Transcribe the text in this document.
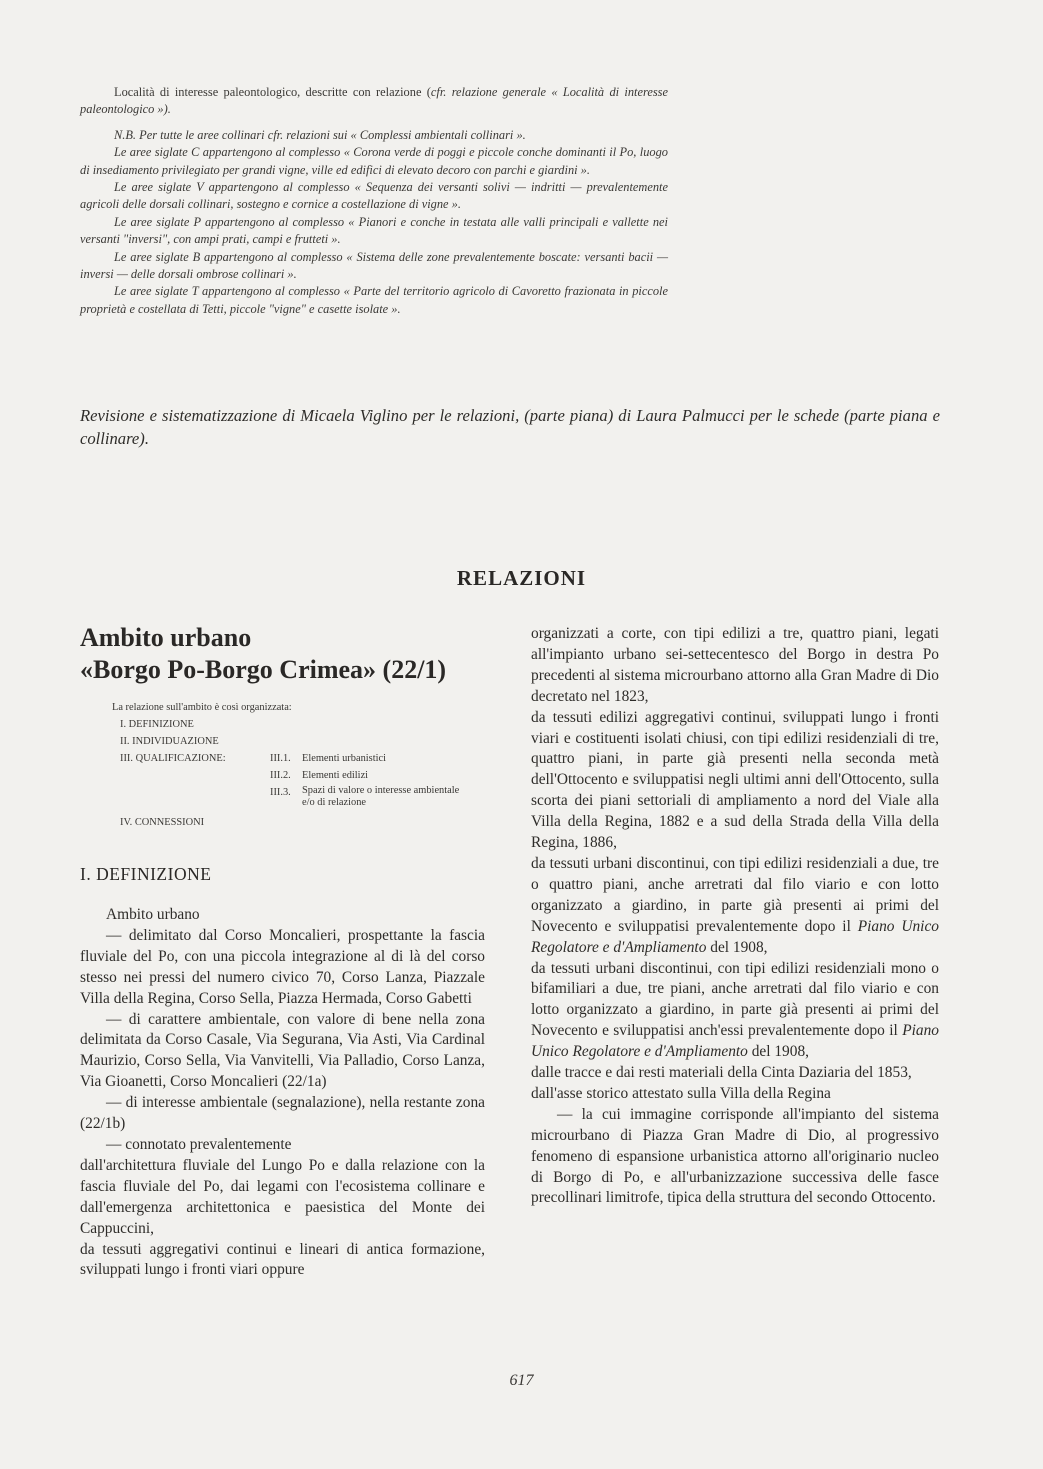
Località di interesse paleontologico, descritte con relazione (cfr. relazione generale « Località di interesse paleontologico »).

N.B. Per tutte le aree collinari cfr. relazioni sui « Complessi ambientali collinari ».

Le aree siglate C appartengono al complesso « Corona verde di poggi e piccole conche dominanti il Po, luogo di insediamento privilegiato per grandi vigne, ville ed edifici di elevato decoro con parchi e giardini ».

Le aree siglate V appartengono al complesso « Sequenza dei versanti solivi — indritti — prevalentemente agricoli delle dorsali collinari, sostegno e cornice a costellazione di vigne ».

Le aree siglate P appartengono al complesso « Pianori e conche in testata alle valli principali e vallette nei versanti "inversi", con ampi prati, campi e frutteti ».

Le aree siglate B appartengono al complesso « Sistema delle zone prevalentemente boscate: versanti bacii — inversi — delle dorsali ombrose collinari ».

Le aree siglate T appartengono al complesso « Parte del territorio agricolo di Cavoretto frazionata in piccole proprietà e costellata di Tetti, piccole "vigne" e casette isolate ».

Revisione e sistematizzazione di Micaela Viglino per le relazioni, (parte piana) di Laura Palmucci per le schede (parte piana e collinare).
RELAZIONI
Ambito urbano
«Borgo Po-Borgo Crimea» (22/1)
La relazione sull'ambito è così organizzata:
I. DEFINIZIONE
II. INDIVIDUAZIONE
III. QUALIFICAZIONE:	III.1. Elementi urbanistici
III.2. Elementi edilizi
III.3. Spazi di valore o interesse ambientale e/o di relazione
IV. CONNESSIONI
I. DEFINIZIONE

Ambito urbano

— delimitato dal Corso Moncalieri, prospettante la fascia fluviale del Po, con una piccola integrazione al di là del corso stesso nei pressi del numero civico 70, Corso Lanza, Piazzale Villa della Regina, Corso Sella, Piazza Hermada, Corso Gabetti

— di carattere ambientale, con valore di bene nella zona delimitata da Corso Casale, Via Segurana, Via Asti, Via Cardinal Maurizio, Corso Sella, Via Vanvitelli, Via Palladio, Corso Lanza, Via Gioanetti, Corso Moncalieri (22/1a)

— di interesse ambientale (segnalazione), nella restante zona (22/1b)

— connotato prevalentemente

dall'architettura fluviale del Lungo Po e dalla relazione con la fascia fluviale del Po, dai legami con l'ecosistema collinare e dall'emergenza architettonica e paesistica del Monte dei Cappuccini,

da tessuti aggregativi continui e lineari di antica formazione, sviluppati lungo i fronti viari oppure

organizzati a corte, con tipi edilizi a tre, quattro piani, legati all'impianto urbano sei-settecentesco del Borgo in destra Po precedenti al sistema microurbano attorno alla Gran Madre di Dio decretato nel 1823,

da tessuti edilizi aggregativi continui, sviluppati lungo i fronti viari e costituenti isolati chiusi, con tipi edilizi residenziali di tre, quattro piani, in parte già presenti nella seconda metà dell'Ottocento e sviluppatisi negli ultimi anni dell'Ottocento, sulla scorta dei piani settoriali di ampliamento a nord del Viale alla Villa della Regina, 1882 e a sud della Strada della Villa della Regina, 1886,

da tessuti urbani discontinui, con tipi edilizi residenziali a due, tre o quattro piani, anche arretrati dal filo viario e con lotto organizzato a giardino, in parte già presenti ai primi del Novecento e sviluppatisi prevalentemente dopo il Piano Unico Regolatore e d'Ampliamento del 1908,

da tessuti urbani discontinui, con tipi edilizi residenziali mono o bifamiliari a due, tre piani, anche arretrati dal filo viario e con lotto organizzato a giardino, in parte già presenti ai primi del Novecento e sviluppatisi anch'essi prevalentemente dopo il Piano Unico Regolatore e d'Ampliamento del 1908,

dalle tracce e dai resti materiali della Cinta Daziaria del 1853,

dall'asse storico attestato sulla Villa della Regina

— la cui immagine corrisponde all'impianto del sistema microurbano di Piazza Gran Madre di Dio, al progressivo fenomeno di espansione urbanistica attorno all'originario nucleo di Borgo di Po, e all'urbanizzazione successiva delle fasce precollinari limitrofe, tipica della struttura del secondo Ottocento.

617
